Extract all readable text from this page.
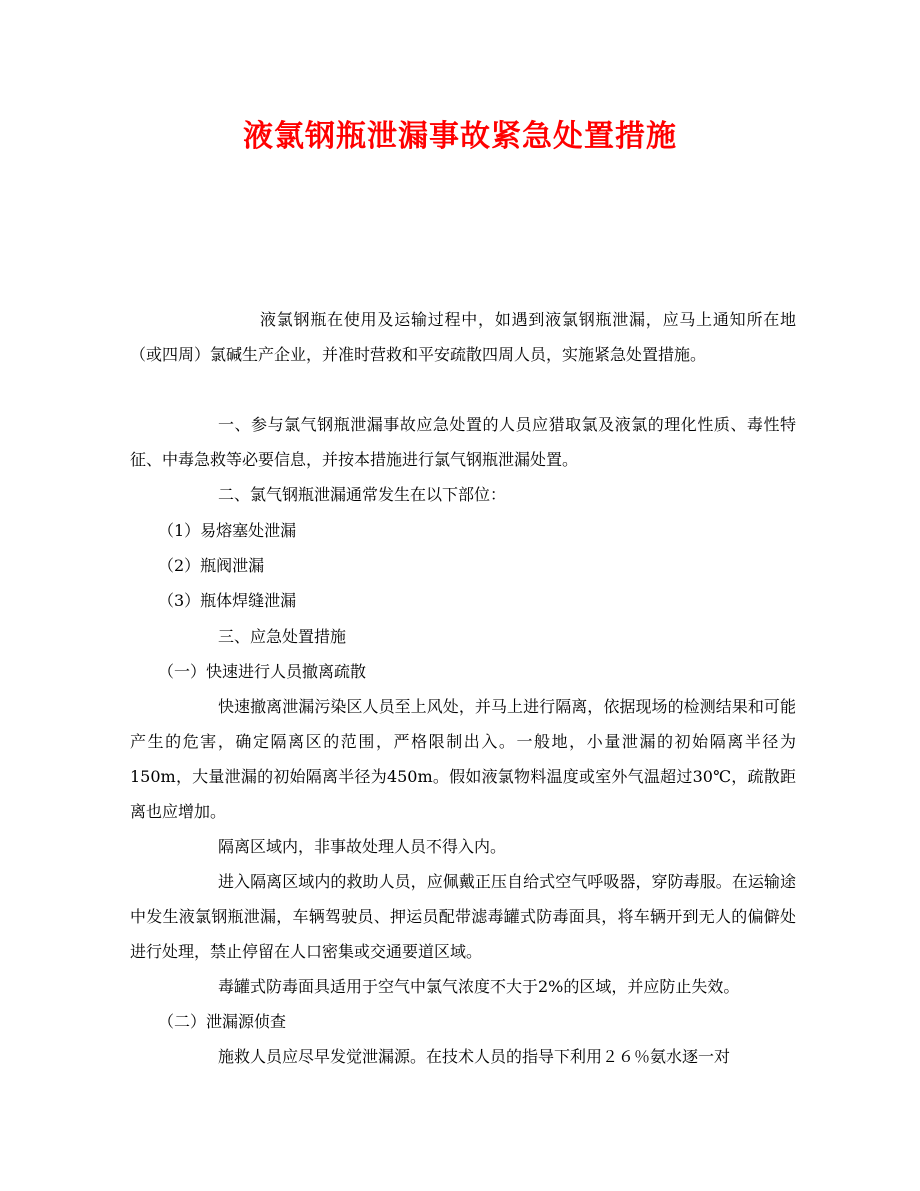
液氯钢瓶泄漏事故紧急处置措施

液氯钢瓶在使用及运输过程中，如遇到液氯钢瓶泄漏，应马上通知所在地（或四周）氯碱生产企业，并准时营救和平安疏散四周人员，实施紧急处置措施。

一、参与氯气钢瓶泄漏事故应急处置的人员应猎取氯及液氯的理化性质、毒性特征、中毒急救等必要信息，并按本措施进行氯气钢瓶泄漏处置。

二、氯气钢瓶泄漏通常发生在以下部位：

（1）易熔塞处泄漏

（2）瓶阀泄漏

（3）瓶体焊缝泄漏

三、应急处置措施

（一）快速进行人员撤离疏散

快速撤离泄漏污染区人员至上风处，并马上进行隔离，依据现场的检测结果和可能产生的危害，确定隔离区的范围，严格限制出入。一般地，小量泄漏的初始隔离半径为150m，大量泄漏的初始隔离半径为450m。假如液氯物料温度或室外气温超过30℃，疏散距离也应增加。

隔离区域内，非事故处理人员不得入内。

进入隔离区域内的救助人员，应佩戴正压自给式空气呼吸器，穿防毒服。在运输途中发生液氯钢瓶泄漏，车辆驾驶员、押运员配带滤毒罐式防毒面具，将车辆开到无人的偏僻处进行处理，禁止停留在人口密集或交通要道区域。

毒罐式防毒面具适用于空气中氯气浓度不大于2%的区域，并应防止失效。

（二）泄漏源侦查

施救人员应尽早发觉泄漏源。在技术人员的指导下利用２６％氨水逐一对
